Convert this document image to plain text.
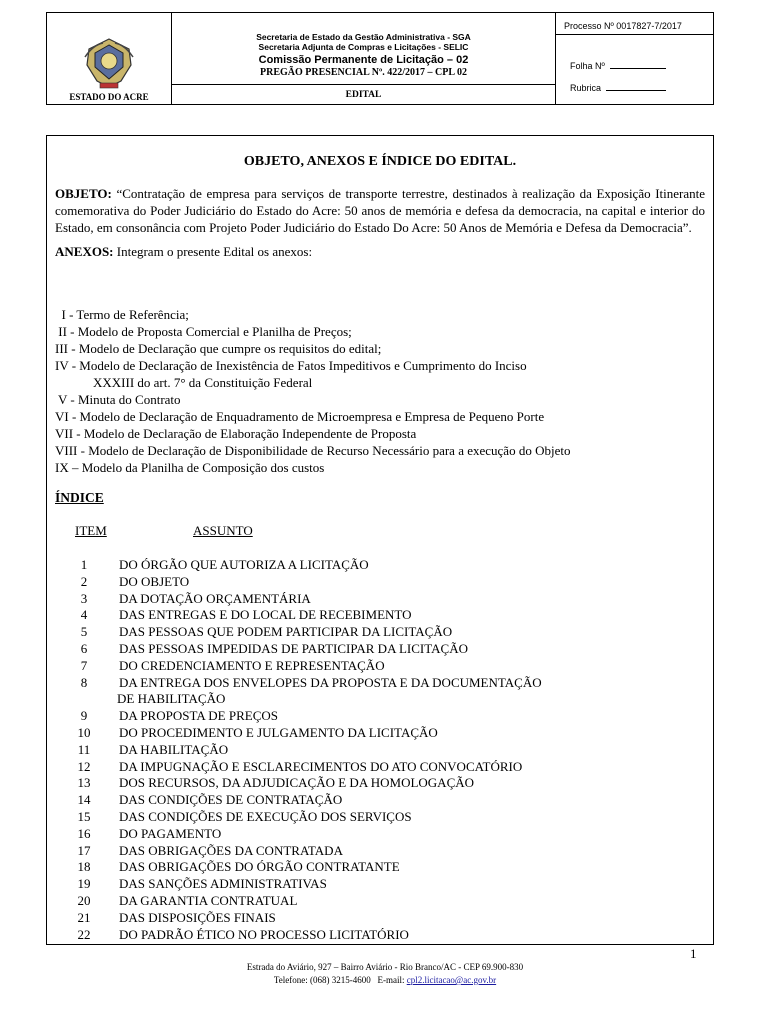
ESTADO DO ACRE
Secretaria de Estado da Gestão Administrativa - SGA
Secretaria Adjunta de Compras e Licitações - SELIC
Comissão Permanente de Licitação – 02
PREGÃO PRESENCIAL Nº. 422/2017 – CPL 02
EDITAL
Processo Nº 0017827-7/2017
Folha Nº
Rubrica
OBJETO, ANEXOS E ÍNDICE DO EDITAL.
OBJETO: “Contratação de empresa para serviços de transporte terrestre, destinados à realização da Exposição Itinerante comemorativa do Poder Judiciário do Estado do Acre: 50 anos de memória e defesa da democracia, na capital e interior do Estado, em consonância com Projeto Poder Judiciário do Estado Do Acre: 50 Anos de Memória e Defesa da Democracia”.
ANEXOS: Integram o presente Edital os anexos:
I - Termo de Referência;
II - Modelo de Proposta Comercial e Planilha de Preços;
III - Modelo de Declaração que cumpre os requisitos do edital;
IV - Modelo de Declaração de Inexistência de Fatos Impeditivos e Cumprimento do Inciso
XXXIII do art. 7° da Constituição Federal
V - Minuta do Contrato
VI - Modelo de Declaração de Enquadramento de Microempresa e Empresa de Pequeno Porte
VII - Modelo de Declaração de Elaboração Independente de Proposta
VIII - Modelo de Declaração de Disponibilidade de Recurso Necessário para a execução do Objeto
IX – Modelo da Planilha de Composição dos custos
ÍNDICE
ITEM	ASSUNTO
1	DO ÓRGÃO QUE AUTORIZA A LICITAÇÃO
2	DO OBJETO
3	DA DOTAÇÃO ORÇAMENTÁRIA
4	DAS ENTREGAS E DO LOCAL DE RECEBIMENTO
5	DAS PESSOAS QUE PODEM PARTICIPAR DA LICITAÇÃO
6	DAS PESSOAS IMPEDIDAS DE PARTICIPAR DA LICITAÇÃO
7	DO CREDENCIAMENTO E REPRESENTAÇÃO
8	DA ENTREGA DOS ENVELOPES DA PROPOSTA E DA DOCUMENTAÇÃO
DE HABILITAÇÃO
9	DA PROPOSTA DE PREÇOS
10	DO PROCEDIMENTO E JULGAMENTO DA LICITAÇÃO
11	DA HABILITAÇÃO
12	DA IMPUGNAÇÃO E ESCLARECIMENTOS DO ATO CONVOCATÓRIO
13	DOS RECURSOS, DA ADJUDICAÇÃO E DA HOMOLOGAÇÃO
14	DAS CONDIÇÕES DE CONTRATAÇÃO
15	DAS CONDIÇÕES DE EXECUÇÃO DOS SERVIÇOS
16	DO PAGAMENTO
17	DAS OBRIGAÇÕES DA CONTRATADA
18	DAS OBRIGAÇÕES DO ÓRGÃO CONTRATANTE
19	DAS SANÇÕES ADMINISTRATIVAS
20	DA GARANTIA CONTRATUAL
21	DAS DISPOSIÇÕES FINAIS
22	DO PADRÃO ÉTICO NO PROCESSO LICITATÓRIO
1
Estrada do Aviário, 927 – Bairro Aviário - Rio Branco/AC - CEP 69.900-830
Telefone: (068) 3215-4600   E-mail: cpl2.licitacao@ac.gov.br
